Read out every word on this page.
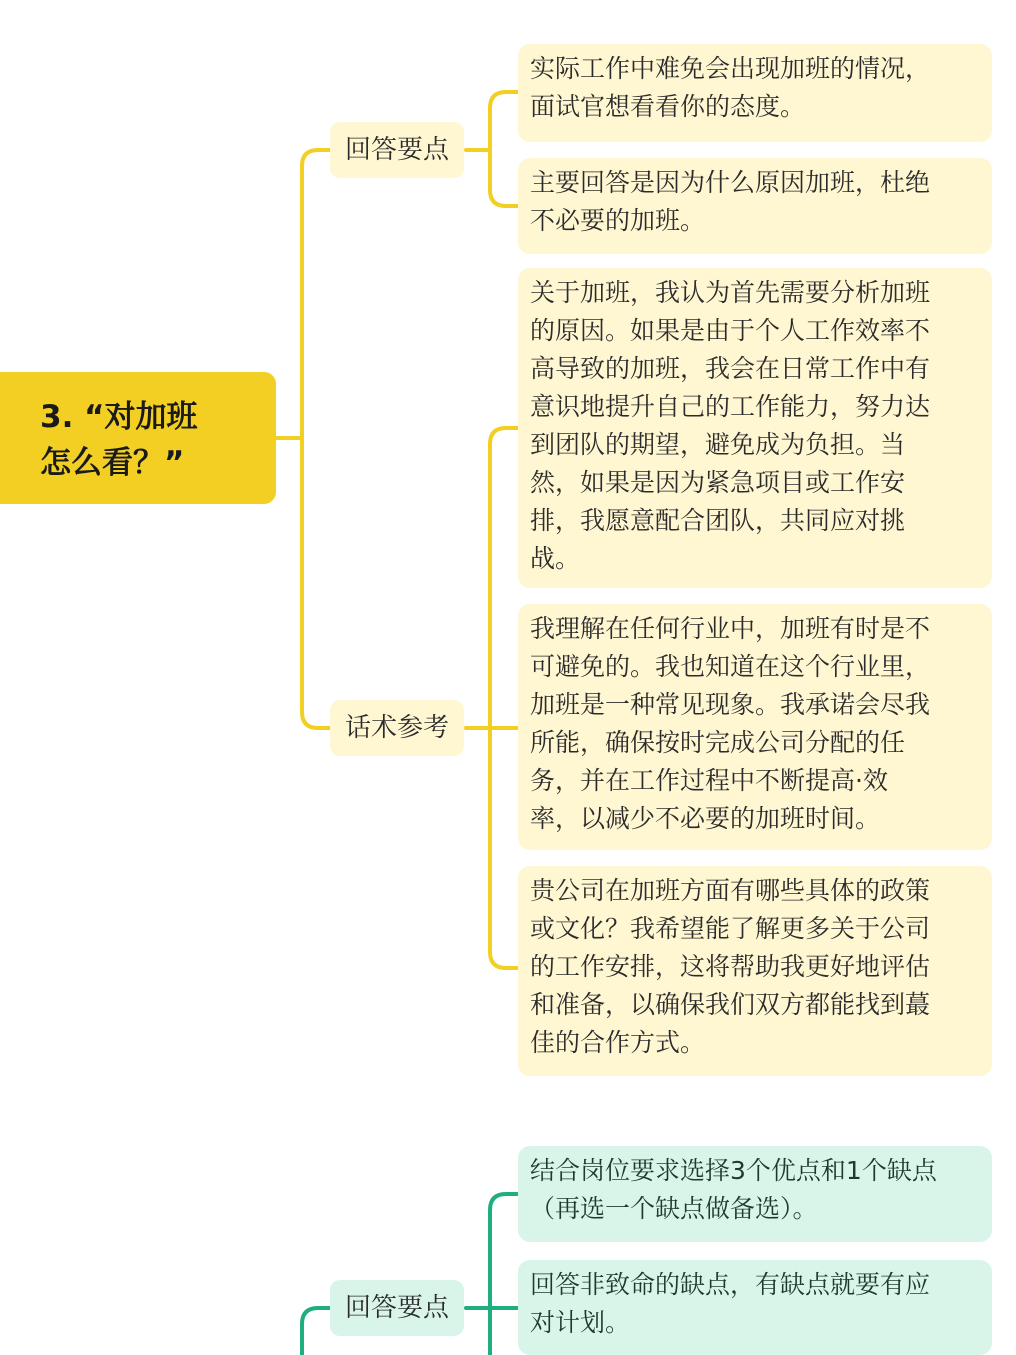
3. “对加班
怎么看？”
回答要点
话术参考
实际工作中难免会出现加班的情况，
面试官想看看你的态度。
主要回答是因为什么原因加班，杜绝
不必要的加班。
关于加班，我认为首先需要分析加班
的原因。如果是由于个人工作效率不
高导致的加班，我会在日常工作中有
意识地提升自己的工作能力，努力达
到团队的期望，避免成为负担。当
然，如果是因为紧急项目或工作安
排，我愿意配合团队，共同应对挑
战。
我理解在任何行业中，加班有时是不
可避免的。我也知道在这个行业里，
加班是一种常见现象。我承诺会尽我
所能，确保按时完成公司分配的任
务，并在工作过程中不断提高·效
率，以减少不必要的加班时间。
贵公司在加班方面有哪些具体的政策
或文化？我希望能了解更多关于公司
的工作安排，这将帮助我更好地评估
和准备，以确保我们双方都能找到蕞
佳的合作方式。
回答要点
结合岗位要求选择3个优点和1个缺点
（再选一个缺点做备选）。
回答非致命的缺点，有缺点就要有应
对计划。
